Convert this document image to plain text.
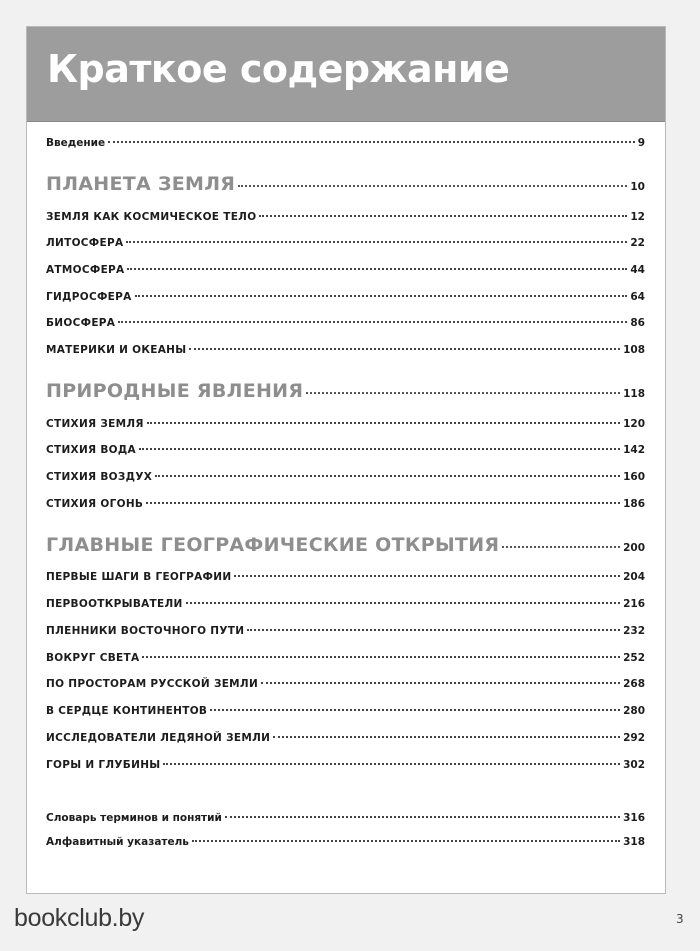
Краткое содержание
Введение	9
ПЛАНЕТА ЗЕМЛЯ	10
ЗЕМЛЯ КАК КОСМИЧЕСКОЕ ТЕЛО	12
ЛИТОСФЕРА	22
АТМОСФЕРА	44
ГИДРОСФЕРА	64
БИОСФЕРА	86
МАТЕРИКИ И ОКЕАНЫ	108
ПРИРОДНЫЕ ЯВЛЕНИЯ	118
СТИХИЯ ЗЕМЛЯ	120
СТИХИЯ ВОДА	142
СТИХИЯ ВОЗДУХ	160
СТИХИЯ ОГОНЬ	186
ГЛАВНЫЕ ГЕОГРАФИЧЕСКИЕ ОТКРЫТИЯ	200
ПЕРВЫЕ ШАГИ В ГЕОГРАФИИ	204
ПЕРВООТКРЫВАТЕЛИ	216
ПЛЕННИКИ ВОСТОЧНОГО ПУТИ	232
ВОКРУГ СВЕТА	252
ПО ПРОСТОРАМ РУССКОЙ ЗЕМЛИ	268
В СЕРДЦЕ КОНТИНЕНТОВ	280
ИССЛЕДОВАТЕЛИ ЛЕДЯНОЙ ЗЕМЛИ	292
ГОРЫ И ГЛУБИНЫ	302
Словарь терминов и понятий	316
Алфавитный указатель	318
bookclub.by	3
